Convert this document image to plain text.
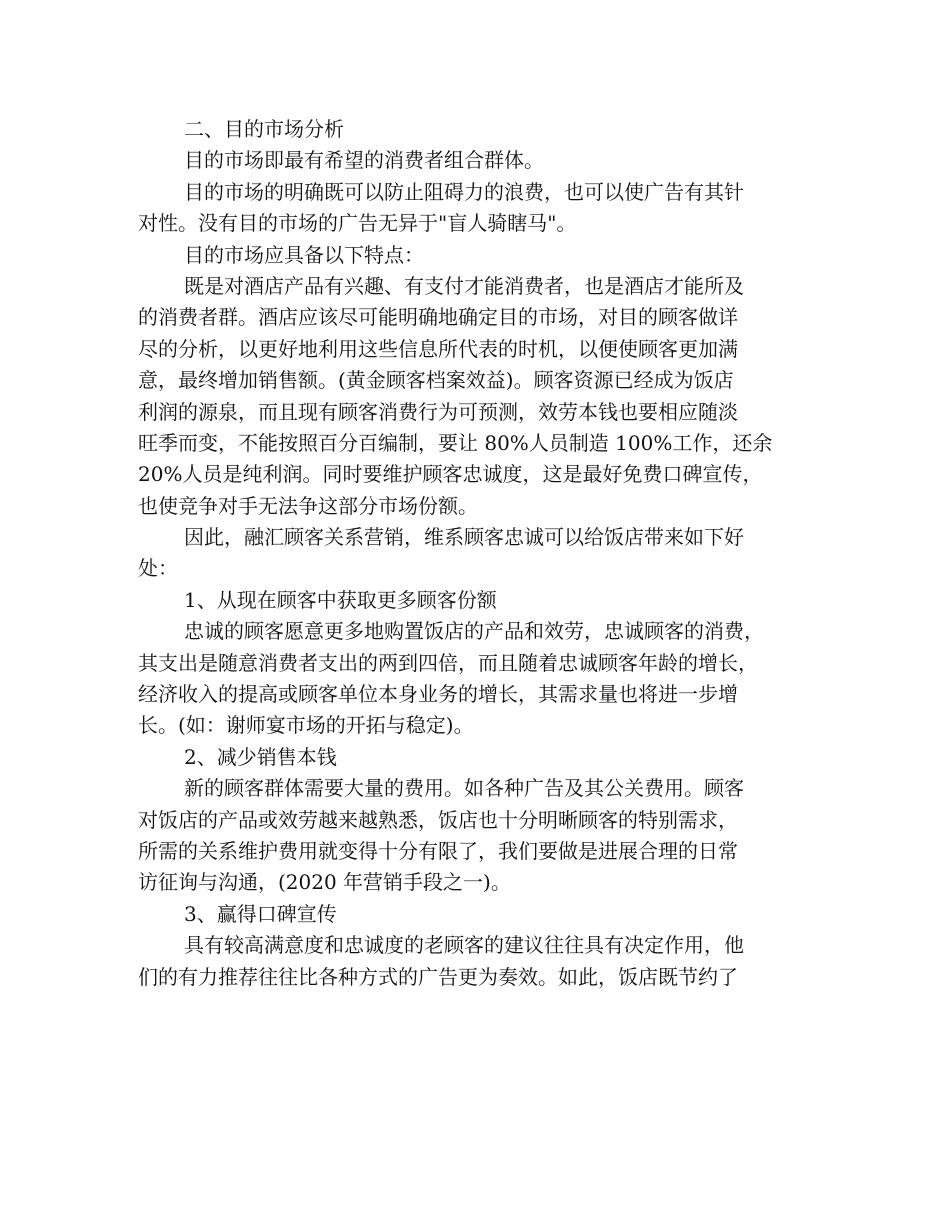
二、目的市场分析
目的市场即最有希望的消费者组合群体。
目的市场的明确既可以防止阻碍力的浪费，也可以使广告有其针
对性。没有目的市场的广告无异于"盲人骑瞎马"。
目的市场应具备以下特点：
既是对酒店产品有兴趣、有支付才能消费者，也是酒店才能所及
的消费者群。酒店应该尽可能明确地确定目的市场，对目的顾客做详
尽的分析，以更好地利用这些信息所代表的时机，以便使顾客更加满
意，最终增加销售额。(黄金顾客档案效益)。顾客资源已经成为饭店
利润的源泉，而且现有顾客消费行为可预测，效劳本钱也要相应随淡
旺季而变，不能按照百分百编制，要让 80%人员制造 100%工作，还余
20%人员是纯利润。同时要维护顾客忠诚度，这是最好免费口碑宣传，
也使竞争对手无法争这部分市场份额。
因此，融汇顾客关系营销，维系顾客忠诚可以给饭店带来如下好
处：
1、从现在顾客中获取更多顾客份额
忠诚的顾客愿意更多地购置饭店的产品和效劳，忠诚顾客的消费，
其支出是随意消费者支出的两到四倍，而且随着忠诚顾客年龄的增长，
经济收入的提高或顾客单位本身业务的增长，其需求量也将进一步增
长。(如：谢师宴市场的开拓与稳定)。
2、减少销售本钱
新的顾客群体需要大量的费用。如各种广告及其公关费用。顾客
对饭店的产品或效劳越来越熟悉，饭店也十分明晰顾客的特别需求，
所需的关系维护费用就变得十分有限了，我们要做是进展合理的日常
访征询与沟通，(2020 年营销手段之一)。
3、赢得口碑宣传
具有较高满意度和忠诚度的老顾客的建议往往具有决定作用，他
们的有力推荐往往比各种方式的广告更为奏效。如此，饭店既节约了
